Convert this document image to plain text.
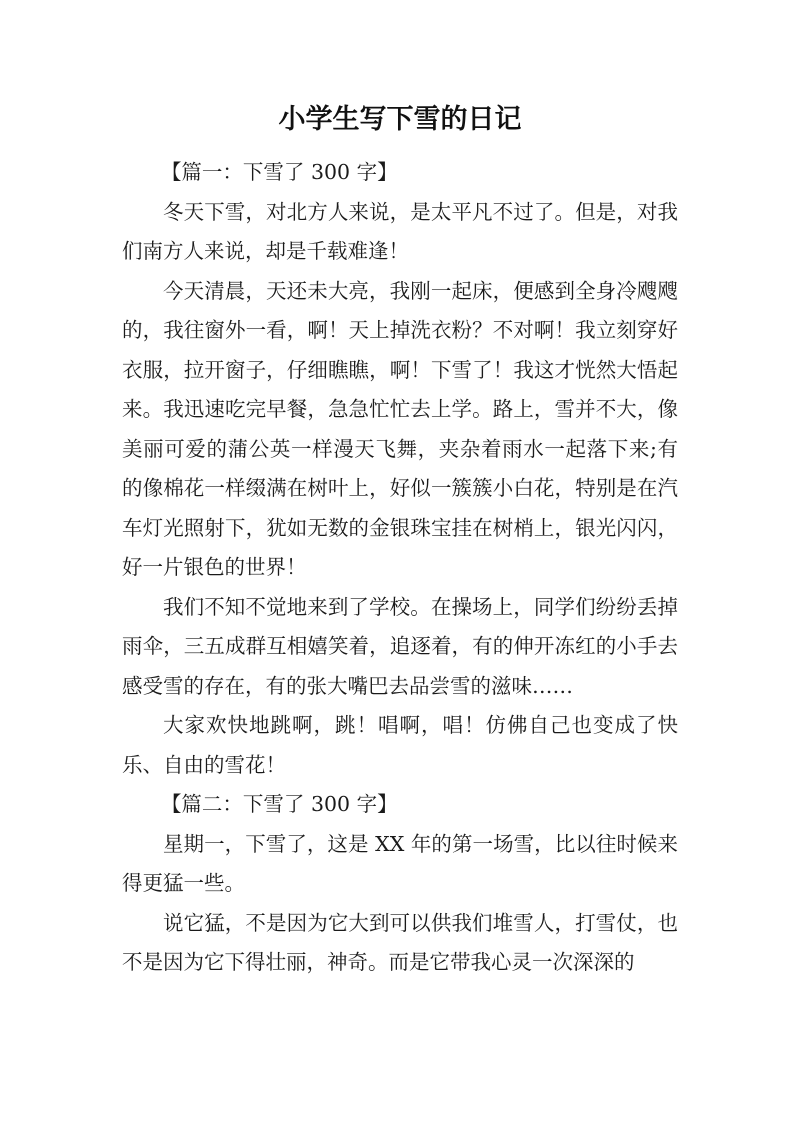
小学生写下雪的日记

【篇一：下雪了 300 字】

冬天下雪，对北方人来说，是太平凡不过了。但是，对我们南方人来说，却是千载难逢！

今天清晨，天还未大亮，我刚一起床，便感到全身冷飕飕的，我往窗外一看，啊！天上掉洗衣粉？不对啊！我立刻穿好衣服，拉开窗子，仔细瞧瞧，啊！下雪了！我这才恍然大悟起来。我迅速吃完早餐，急急忙忙去上学。路上，雪并不大，像美丽可爱的蒲公英一样漫天飞舞，夹杂着雨水一起落下来;有的像棉花一样缀满在树叶上，好似一簇簇小白花，特别是在汽车灯光照射下，犹如无数的金银珠宝挂在树梢上，银光闪闪，好一片银色的世界！

我们不知不觉地来到了学校。在操场上，同学们纷纷丢掉雨伞，三五成群互相嬉笑着，追逐着，有的伸开冻红的小手去感受雪的存在，有的张大嘴巴去品尝雪的滋味……

大家欢快地跳啊，跳！唱啊，唱！仿佛自己也变成了快乐、自由的雪花！

【篇二：下雪了 300 字】

星期一，下雪了，这是 XX 年的第一场雪，比以往时候来得更猛一些。

说它猛，不是因为它大到可以供我们堆雪人，打雪仗，也不是因为它下得壮丽，神奇。而是它带我心灵一次深深的
